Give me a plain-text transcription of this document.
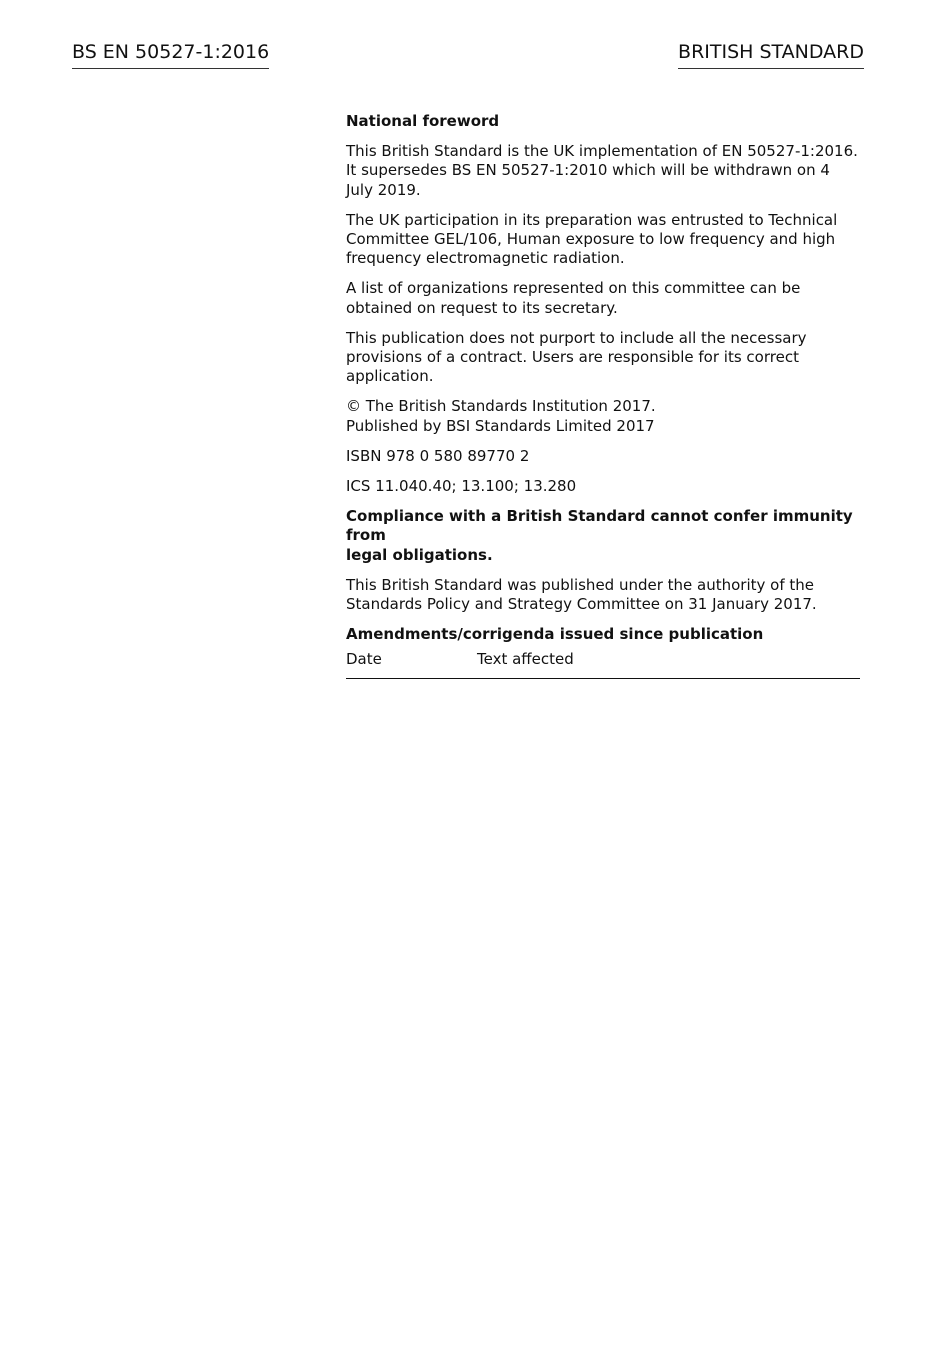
BS EN 50527-1:2016	BRITISH STANDARD

National foreword

This British Standard is the UK implementation of EN 50527-1:2016.
It supersedes BS EN 50527-1:2010 which will be withdrawn on 4
July 2019.

The UK participation in its preparation was entrusted to Technical
Committee GEL/106, Human exposure to low frequency and high
frequency electromagnetic radiation.

A list of organizations represented on this committee can be
obtained on request to its secretary.

This publication does not purport to include all the necessary
provisions of a contract. Users are responsible for its correct
application.

© The British Standards Institution 2017.
Published by BSI Standards Limited 2017

ISBN 978 0 580 89770 2

ICS 11.040.40; 13.100; 13.280

Compliance with a British Standard cannot confer immunity from
legal obligations.

This British Standard was published under the authority of the
Standards Policy and Strategy Committee on 31 January 2017.

Amendments/corrigenda issued since publication
Date	Text affected
